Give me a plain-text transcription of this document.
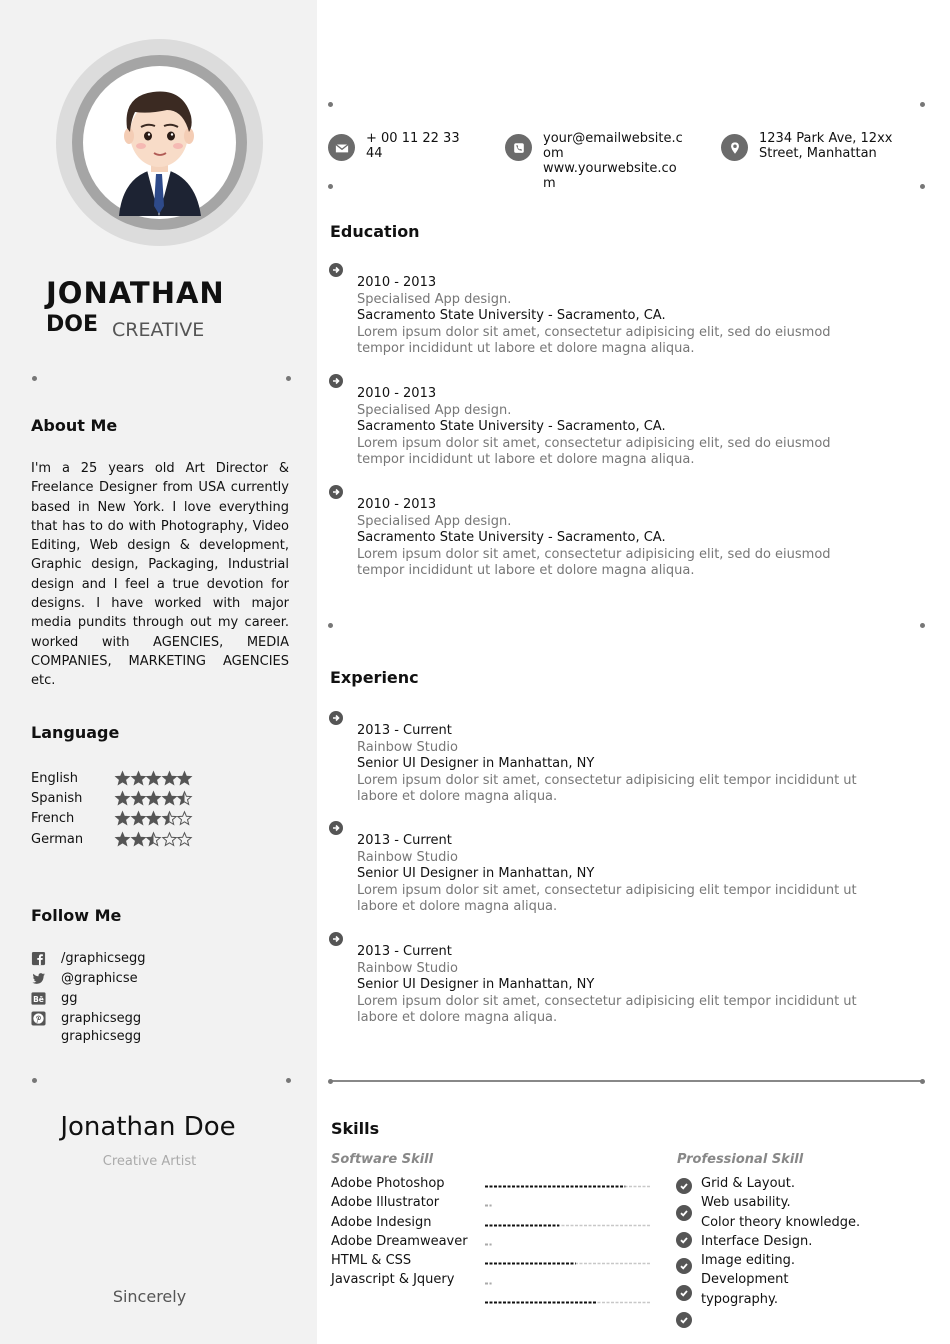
JONATHAN
DOE CREATIVE
About Me
I'm a 25 years old Art Director & Freelance Designer from USA currently based in New York. I love everything that has to do with Photography, Video Editing, Web design & development, Graphic design, Packaging, Industrial design and I feel a true devotion for designs. I have worked with major media pundits through out my career. worked with AGENCIES, MEDIA COMPANIES, MARKETING AGENCIES etc.
Language
English
Spanish
French
German
Follow Me
/graphicsegg
@graphicse
Bē gg
graphicsegg
graphicsegg
Jonathan Doe
Creative Artist
Sincerely
+ 00 11 22 33 44
your@emailwebsite.com
www.yourwebsite.com
1234 Park Ave, 12xx Street, Manhattan
Education
2010 - 2013
Specialised App design.
Sacramento State University - Sacramento, CA.
Lorem ipsum dolor sit amet, consectetur adipisicing elit, sed do eiusmod tempor incididunt ut labore et dolore magna aliqua.
2010 - 2013
Specialised App design.
Sacramento State University - Sacramento, CA.
Lorem ipsum dolor sit amet, consectetur adipisicing elit, sed do eiusmod tempor incididunt ut labore et dolore magna aliqua.
2010 - 2013
Specialised App design.
Sacramento State University - Sacramento, CA.
Lorem ipsum dolor sit amet, consectetur adipisicing elit, sed do eiusmod tempor incididunt ut labore et dolore magna aliqua.
Experienc
2013 - Current
Rainbow Studio
Senior UI Designer in Manhattan, NY
Lorem ipsum dolor sit amet, consectetur adipisicing elit tempor incididunt ut labore et dolore magna aliqua.
2013 - Current
Rainbow Studio
Senior UI Designer in Manhattan, NY
Lorem ipsum dolor sit amet, consectetur adipisicing elit tempor incididunt ut labore et dolore magna aliqua.
2013 - Current
Rainbow Studio
Senior UI Designer in Manhattan, NY
Lorem ipsum dolor sit amet, consectetur adipisicing elit tempor incididunt ut labore et dolore magna aliqua.
Skills
Software Skill	Professional Skill
Adobe Photoshop
Adobe Illustrator
Adobe Indesign
Adobe Dreamweaver
HTML & CSS
Javascript & Jquery
Grid & Layout.
Web usability.
Color theory knowledge.
Interface Design.
Image editing.
Development
typography.
